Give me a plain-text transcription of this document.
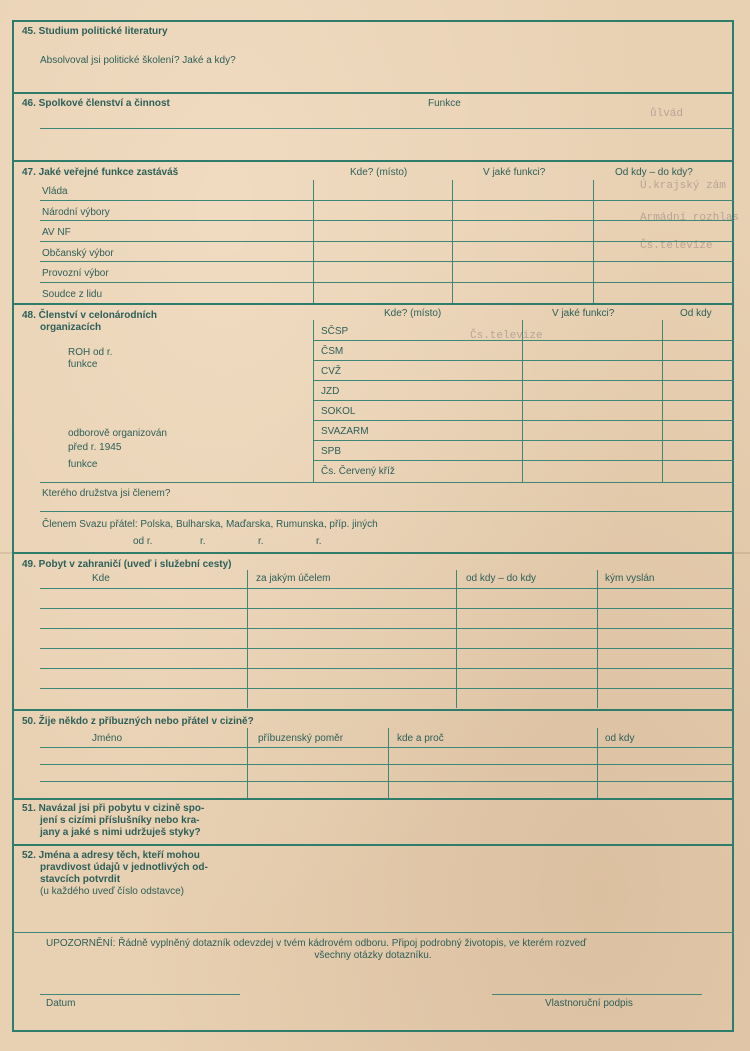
ůlvád
Ú.krajský zám
Armádní rozhlas
Čs.televize
Čs.televize
45. Studium politické literatury
Absolvoval jsi politické školení? Jaké a kdy?
46. Spolkové členství a činnost	Funkce
47. Jaké veřejné funkce zastáváš	Kde? (místo)	V jaké funkci?	Od kdy – do kdy?
Vláda
Národní výbory
AV NF
Občanský výbor
Provozní výbor
Soudce z lidu
48. Členství v celonárodních
organizacích
Kde? (místo)	V jaké funkci?	Od kdy
ROH od r.
funkce
odborově organizován
před r. 1945
funkce
SČSP
ČSM
CVŽ
JZD
SOKOL
SVAZARM
SPB
Čs. Červený kříž
Kterého družstva jsi členem?
Členem Svazu přátel: Polska, Bulharska, Maďarska, Rumunska, příp. jiných
od r.	r.	r.	r.
49. Pobyt v zahraničí (uveď i služební cesty)
Kde	za jakým účelem	od kdy – do kdy	kým vyslán
50. Žije někdo z příbuzných nebo přátel v cizině?
Jméno	příbuzenský poměr	kde a proč	od kdy
51. Navázal jsi při pobytu v cizině spo-
jení s cizími příslušníky nebo kra-
jany a jaké s nimi udržuješ styky?
52. Jména a adresy těch, kteří mohou
pravdivost údajů v jednotlivých od-
stavcích potvrdit
(u každého uveď číslo odstavce)
UPOZORNĚNÍ: Řádně vyplněný dotazník odevzdej v tvém kádrovém odboru. Připoj podrobný životopis, ve kterém rozveď
všechny otázky dotazníku.
Datum	Vlastnoruční podpis
